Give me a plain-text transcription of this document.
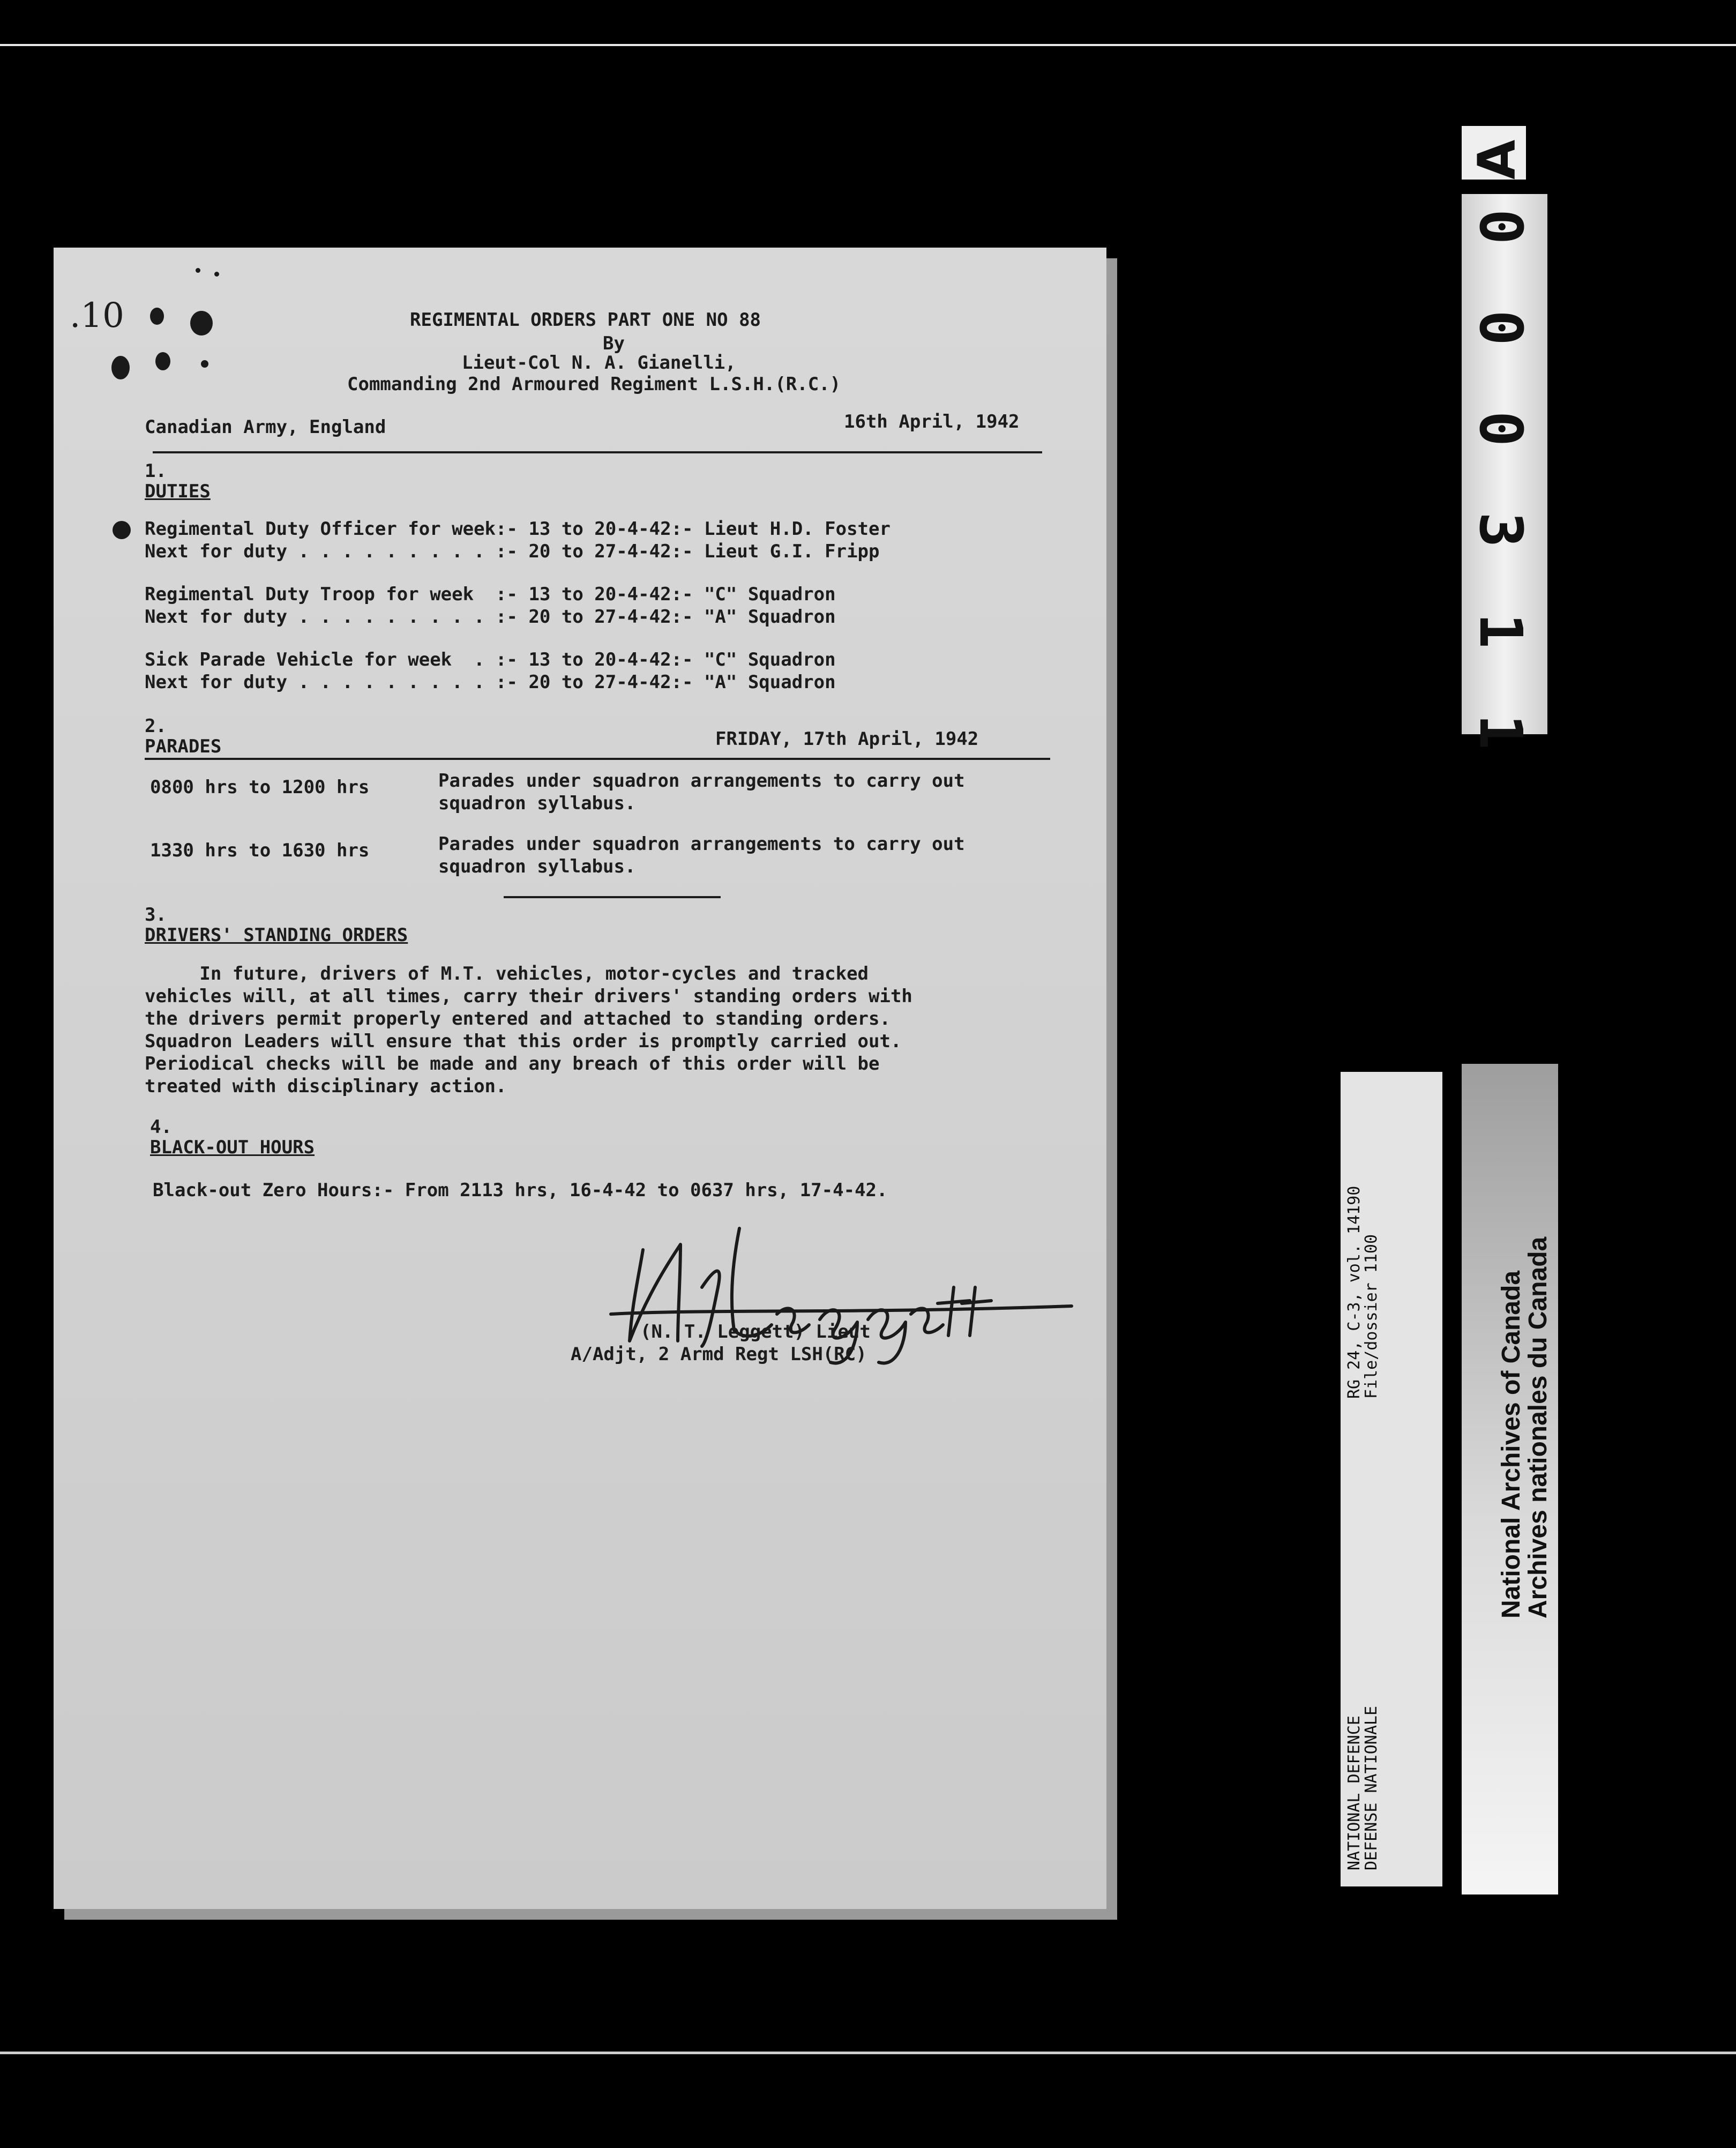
.10	REGIMENTAL ORDERS PART ONE NO 88
By
Lieut-Col N. A. Gianelli,
Commanding 2nd Armoured Regiment L.S.H.(R.C.)
Canadian Army, England	16th April, 1942
1.
DUTIES
Regimental Duty Officer for week:- 13 to 20-4-42:- Lieut H.D. Foster
Next for duty . . . . . . . . . :- 20 to 27-4-42:- Lieut G.I. Fripp
Regimental Duty Troop for week  :- 13 to 20-4-42:- "C" Squadron
Next for duty . . . . . . . . . :- 20 to 27-4-42:- "A" Squadron
Sick Parade Vehicle for week  . :- 13 to 20-4-42:- "C" Squadron
Next for duty . . . . . . . . . :- 20 to 27-4-42:- "A" Squadron
2.
PARADES	FRIDAY, 17th April, 1942
0800 hrs to 1200 hrs	Parades under squadron arrangements to carry out
squadron syllabus.
1330 hrs to 1630 hrs	Parades under squadron arrangements to carry out
squadron syllabus.
3.
DRIVERS' STANDING ORDERS
In future, drivers of M.T. vehicles, motor-cycles and tracked
vehicles will, at all times, carry their drivers' standing orders with
the drivers permit properly entered and attached to standing orders.
Squadron Leaders will ensure that this order is promptly carried out.
Periodical checks will be made and any breach of this order will be
treated with disciplinary action.
4.
BLACK-OUT HOURS
Black-out Zero Hours:- From 2113 hrs, 16-4-42 to 0637 hrs, 17-4-42.
(N. T. Leggett) Lieut
A/Adjt, 2 Armd Regt LSH(RC)
A
0 0 0 3 1 1
NATIONAL DEFENCE
DEFENSE NATIONALE
RG 24, C-3, vol. 14190
File/dossier 1100	National Archives of Canada
Archives nationales du Canada
